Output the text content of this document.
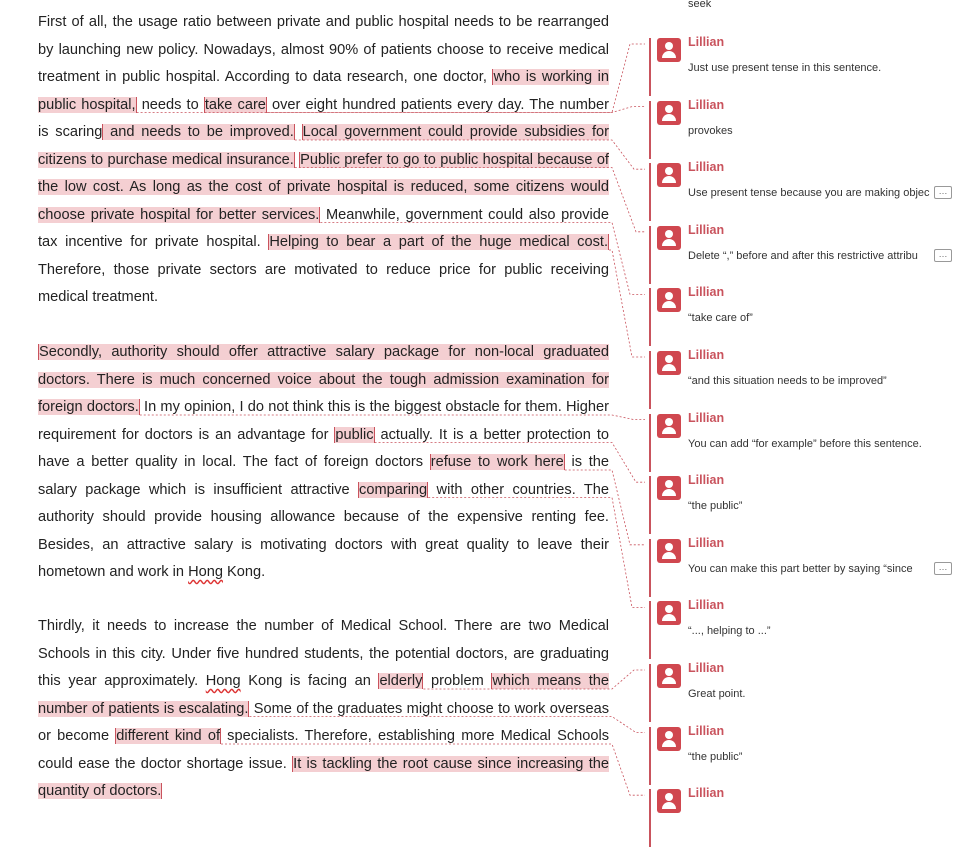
First of all, the usage ratio between private and public hospital needs to be rearranged by launching new policy. Nowadays, almost 90% of patients choose to receive medical treatment in public hospital. According to data research, one doctor, who is working in public hospital, needs to take care over eight hundred patients every day. The number is scaring and needs to be improved. Local government could provide subsidies for citizens to purchase medical insurance. Public prefer to go to public hospital because of the low cost. As long as the cost of private hospital is reduced, some citizens would choose private hospital for better services. Meanwhile, government could also provide tax incentive for private hospital. Helping to bear a part of the huge medical cost. Therefore, those private sectors are motivated to reduce price for public receiving medical treatment.

Secondly, authority should offer attractive salary package for non-local graduated doctors. There is much concerned voice about the tough admission examination for foreign doctors. In my opinion, I do not think this is the biggest obstacle for them. Higher requirement for doctors is an advantage for public actually. It is a better protection to have a better quality in local. The fact of foreign doctors refuse to work here is the salary package which is insufficient attractive comparing with other countries. The authority should provide housing allowance because of the expensive renting fee. Besides, an attractive salary is motivating doctors with great quality to leave their hometown and work in Hong Kong.

Thirdly, it needs to increase the number of Medical School. There are two Medical Schools in this city. Under five hundred students, the potential doctors, are graduating this year approximately. Hong Kong is facing an elderly problem which means the number of patients is escalating. Some of the graduates might choose to work overseas or become different kind of specialists. Therefore, establishing more Medical Schools could ease the doctor shortage issue. It is tackling the root cause since increasing the quantity of doctors.

seek
Lillian
Just use present tense in this sentence.
Lillian
provokes
Lillian
Use present tense because you are making objec …
Lillian
Delete “,” before and after this restrictive attribu	…
Lillian
“take care of”
Lillian
“and this situation needs to be improved”
Lillian
You can add “for example” before this sentence.
Lillian
“the public”
Lillian
You can make this part better by saying “since	…
Lillian
“..., helping to ...”
Lillian
Great point.
Lillian
“the public”
Lillian
